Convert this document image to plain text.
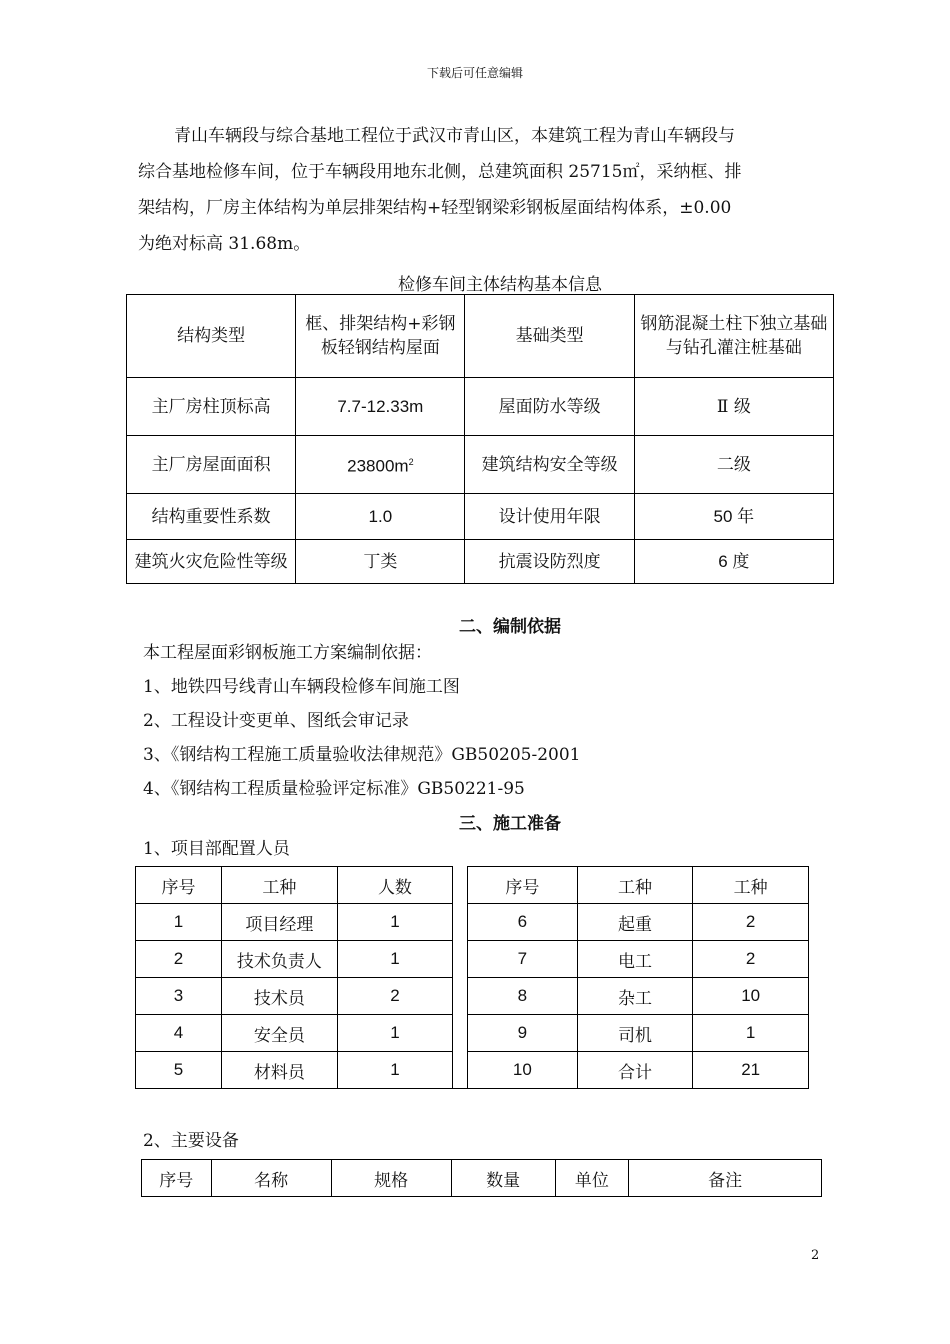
下载后可任意编辑

青山车辆段与综合基地工程位于武汉市青山区，本建筑工程为青山车辆段与

综合基地检修车间，位于车辆段用地东北侧，总建筑面积 25715㎡，采纳框、排

架结构，厂房主体结构为单层排架结构+轻型钢梁彩钢板屋面结构体系，±0.00

为绝对标高 31.68m。

检修车间主体结构基本信息
结构类型	框、排架结构+彩钢板轻钢结构屋面	基础类型	钢筋混凝土柱下独立基础与钻孔灌注桩基础
主厂房柱顶标高	7.7-12.33m	屋面防水等级	Ⅱ 级
主厂房屋面面积	$23800m^2$	建筑结构安全等级	二级
结构重要性系数	1.0	设计使用年限	50 年
建筑火灾危险性等级	丁类	抗震设防烈度	6 度
二、编制依据
本工程屋面彩钢板施工方案编制依据：
1、地铁四号线青山车辆段检修车间施工图
2、工程设计变更单、图纸会审记录
3、《钢结构工程施工质量验收法律规范》GB50205-2001
4、《钢结构工程质量检验评定标准》GB50221-95
三、施工准备
1、项目部配置人员
序号	工种	人数		序号	工种	工种
1	项目经理	1		6	起重	2
2	技术负责人	1		7	电工	2
3	技术员	2		8	杂工	10
4	安全员	1		9	司机	1
5	材料员	1		10	合计	21
2、主要设备
序号	名称	规格	数量	单位	备注
2
